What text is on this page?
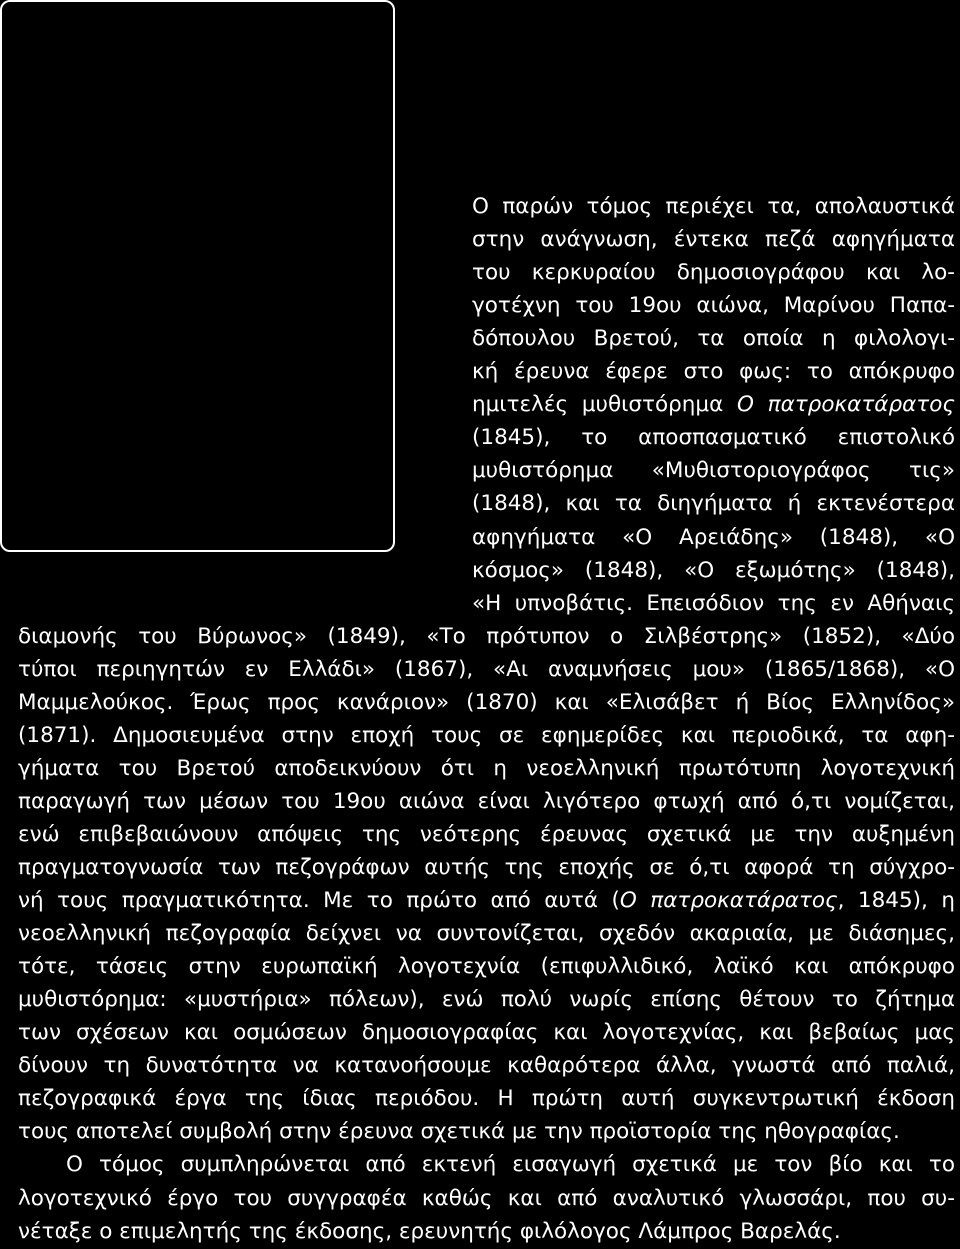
Ο παρών τόμος περιέχει τα, απολαυστικά
στην ανάγνωση, έντεκα πεζά αφηγήματα
του κερκυραίου δημοσιογράφου και λο-
γοτέχνη του 19ου αιώνα, Μαρίνου Παπα-
δόπουλου Βρετού, τα οποία η φιλολογι-
κή έρευνα έφερε στο φως: το απόκρυφο
ημιτελές μυθιστόρημα Ο πατροκατάρατος
(1845), το αποσπασματικό επιστολικό
μυθιστόρημα «Μυθιστοριογράφος τις»
(1848), και τα διηγήματα ή εκτενέστερα
αφηγήματα «Ο Αρειάδης» (1848), «Ο
κόσμος» (1848), «Ο εξωμότης» (1848),
«Η υπνοβάτις. Επεισόδιον της εν Αθήναις
διαμονής του Βύρωνος» (1849), «Το πρότυπον ο Σιλβέστρης» (1852), «Δύο
τύποι περιηγητών εν Ελλάδι» (1867), «Αι αναμνήσεις μου» (1865/1868), «Ο
Μαμμελούκος. Έρως προς κανάριον» (1870) και «Ελισάβετ ή Βίος Ελληνίδος»
(1871). Δημοσιευμένα στην εποχή τους σε εφημερίδες και περιοδικά, τα αφη-
γήματα του Βρετού αποδεικνύουν ότι η νεοελληνική πρωτότυπη λογοτεχνική
παραγωγή των μέσων του 19ου αιώνα είναι λιγότερο φτωχή από ό,τι νομίζεται,
ενώ επιβεβαιώνουν απόψεις της νεότερης έρευνας σχετικά με την αυξημένη
πραγματογνωσία των πεζογράφων αυτής της εποχής σε ό,τι αφορά τη σύγχρο-
νή τους πραγματικότητα. Με το πρώτο από αυτά (Ο πατροκατάρατος, 1845), η
νεοελληνική πεζογραφία δείχνει να συντονίζεται, σχεδόν ακαριαία, με διάσημες,
τότε, τάσεις στην ευρωπαϊκή λογοτεχνία (επιφυλλιδικό, λαϊκό και απόκρυφο
μυθιστόρημα: «μυστήρια» πόλεων), ενώ πολύ νωρίς επίσης θέτουν το ζήτημα
των σχέσεων και οσμώσεων δημοσιογραφίας και λογοτεχνίας, και βεβαίως μας
δίνουν τη δυνατότητα να κατανοήσουμε καθαρότερα άλλα, γνωστά από παλιά,
πεζογραφικά έργα της ίδιας περιόδου. Η πρώτη αυτή συγκεντρωτική έκδοση
τους αποτελεί συμβολή στην έρευνα σχετικά με την προϊστορία της ηθογραφίας.
Ο τόμος συμπληρώνεται από εκτενή εισαγωγή σχετικά με τον βίο και το
λογοτεχνικό έργο του συγγραφέα καθώς και από αναλυτικό γλωσσάρι, που συ-
νέταξε ο επιμελητής της έκδοσης, ερευνητής φιλόλογος Λάμπρος Βαρελάς.
